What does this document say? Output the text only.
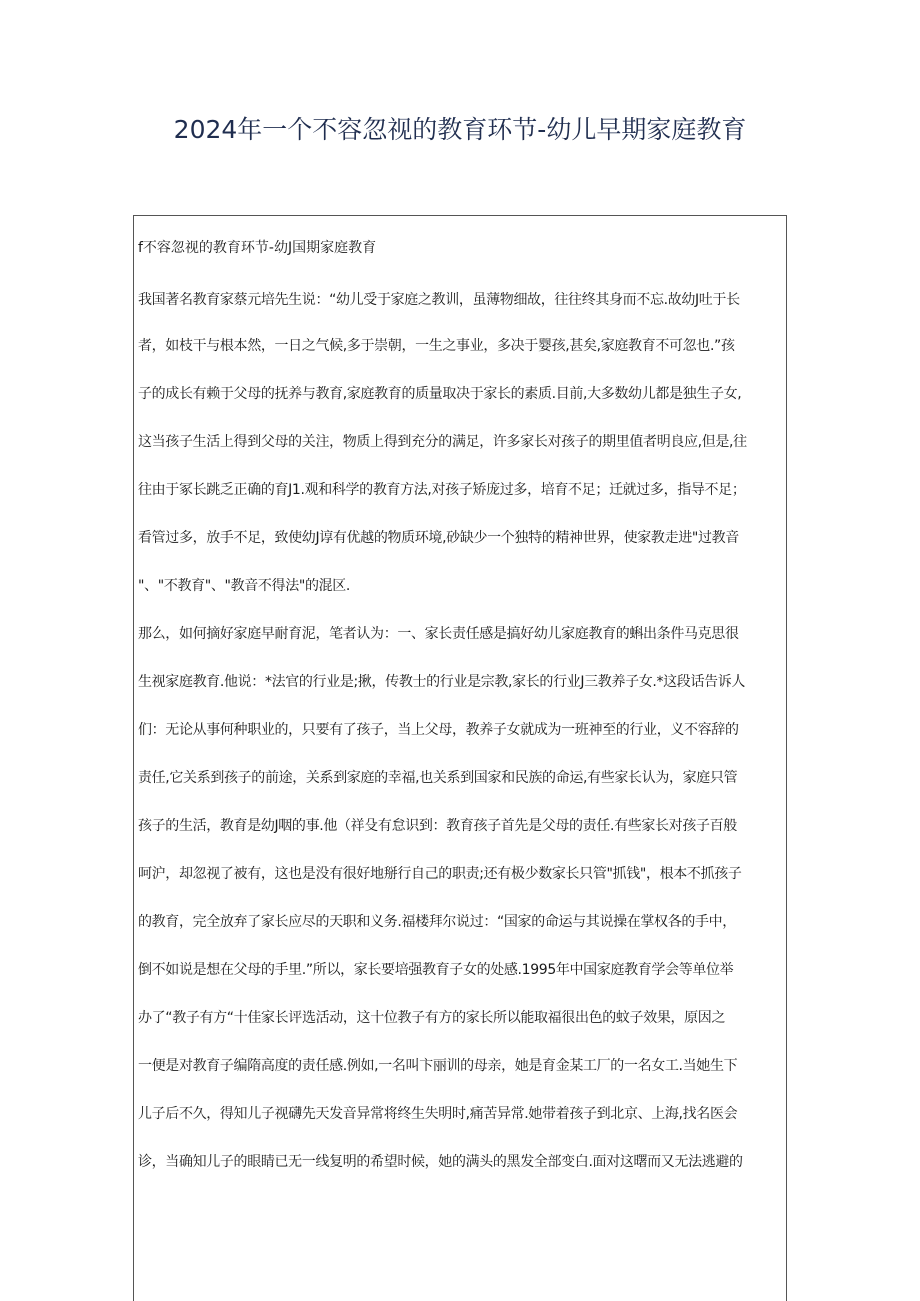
2024年一个不容忽视的教育环节-幼儿早期家庭教育

f不容忽视的教育环节-幼J国期家庭教育

我国著名教育家蔡元培先生说：“幼儿受于家庭之教训，虽薄物细故，往往终其身而不忘.故幼J吐于长
者，如枝干与根本然，一日之气候,多于崇朝，一生之事业，多决于婴孩,甚矣,家庭教育不可忽也.”孩
子的成长有赖于父母的抚养与教育,家庭教育的质量取决于家长的素质.目前,大多数幼儿都是独生子女,
这当孩子生活上得到父母的关注，物质上得到充分的满足，许多家长对孩子的期里值者明良应,但是,往
往由于冢长跳乏正确的育J1.观和科学的教育方法,对孩子矫庞过多，培育不足；迁就过多，指导不足；
看管过多，放手不足，致使幼J谆有优越的物质环境,砂缺少一个独特的精神世界，使家教走进"过教音
"、"不教育"、"教音不得法"的混区.
那么，如何摘好家庭早耐育泥，笔者认为：一、家长责任感是搞好幼儿家庭教育的蝌出条件马克思很
生视家庭教育.他说：*法官的行业是;揪，传教士的行业是宗教,家长的行业J三教养子女.*这段话告诉人
们：无论从事何种职业的，只要有了孩子，当上父母，教养子女就成为一班神至的行业，义不容辞的
责任,它关系到孩子的前途，关系到家庭的幸福,也关系到国家和民族的命运,有些家长认为，家庭只管
孩子的生活，教育是幼J咽的事.他（祥殳有怠识到：教育孩子首先是父母的责任.有些家长对孩子百般
呵沪，却忽视了被有，这也是没有很好地掰行自己的职责;还有极少数家长只管"抓钱"，根本不抓孩子
的教育，完全放弃了家长应尽的天职和义务.福楼拜尔说过：“国家的命运与其说操在掌权各的手中，
倒不如说是想在父母的手里.”所以，家长要培强教育子女的处感.1995年中国家庭教育学会等单位举
办了“教子有方“十佳家长评选活动，这十位教子有方的家长所以能取福很出色的蚊子效果，原因之
一便是对教育子编隋高度的责任感.例如,一名叫卞丽训的母亲，她是育金某工厂的一名女工.当她生下
儿子后不久，得知儿子视礴先天发音异常将终生失明时,痛苦异常.她带着孩子到北京、上海,找名医会
诊，当确知儿子的眼睛已无一线复明的希望时候，她的满头的黑发全部变白.面对这曙而又无法逃避的
